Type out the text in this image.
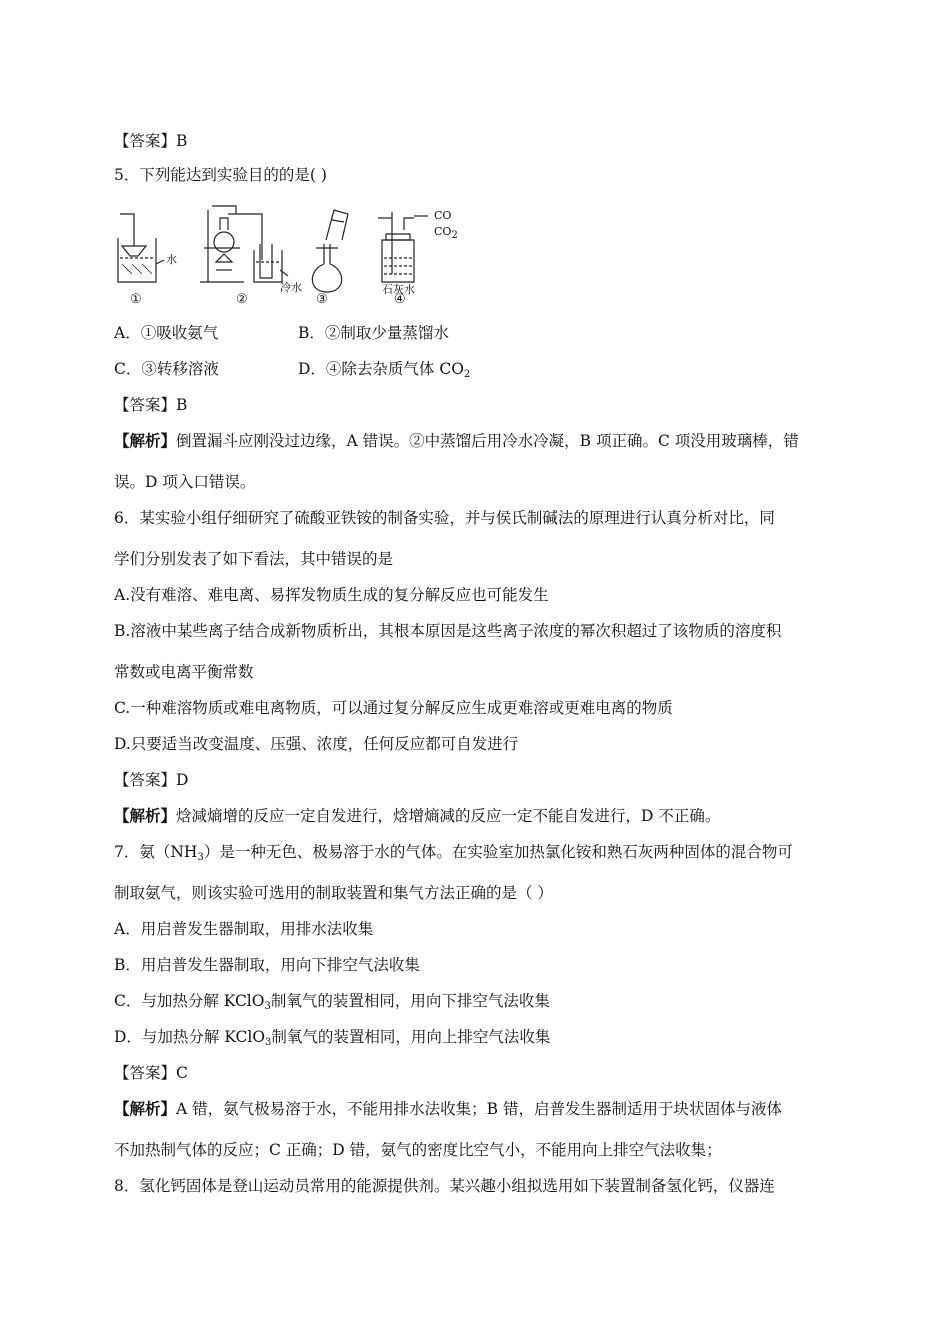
【答案】B
5．下列能达到实验目的的是( )
水
冷水	石灰水
CO
$CO_2$
①	②	③	④
A．①吸收氨气	B．②制取少量蒸馏水
C．③转移溶液	D．④除去杂质气体 $CO_2$
【答案】B
【解析】倒置漏斗应刚没过边缘，A 错误。②中蒸馏后用冷水冷凝，B 项正确。C 项没用玻璃棒，错
误。D 项入口错误。
6．某实验小组仔细研究了硫酸亚铁铵的制备实验，并与侯氏制碱法的原理进行认真分析对比，同
学们分别发表了如下看法，其中错误的是
A.没有难溶、难电离、易挥发物质生成的复分解反应也可能发生
B.溶液中某些离子结合成新物质析出，其根本原因是这些离子浓度的幂次积超过了该物质的溶度积
常数或电离平衡常数
C.一种难溶物质或难电离物质，可以通过复分解反应生成更难溶或更难电离的物质
D.只要适当改变温度、压强、浓度，任何反应都可自发进行
【答案】D
【解析】焓减熵增的反应一定自发进行，焓增熵减的反应一定不能自发进行，D 不正确。
7．氨$(NH_3)$是一种无色、极易溶于水的气体。在实验室加热氯化铵和熟石灰两种固体的混合物可
制取氨气，则该实验可选用的制取装置和集气方法正确的是（ ）
A．用启普发生器制取，用排水法收集
B．用启普发生器制取，用向下排空气法收集
C．与加热分解 KClO$_3$制氧气的装置相同，用向下排空气法收集
D．与加热分解 KClO$_3$制氧气的装置相同，用向上排空气法收集
【答案】C
【解析】A 错，氨气极易溶于水，不能用排水法收集；B 错，启普发生器制适用于块状固体与液体
不加热制气体的反应；C 正确；D 错，氨气的密度比空气小，不能用向上排空气法收集；
8．氢化钙固体是登山运动员常用的能源提供剂。某兴趣小组拟选用如下装置制备氢化钙，仪器连
